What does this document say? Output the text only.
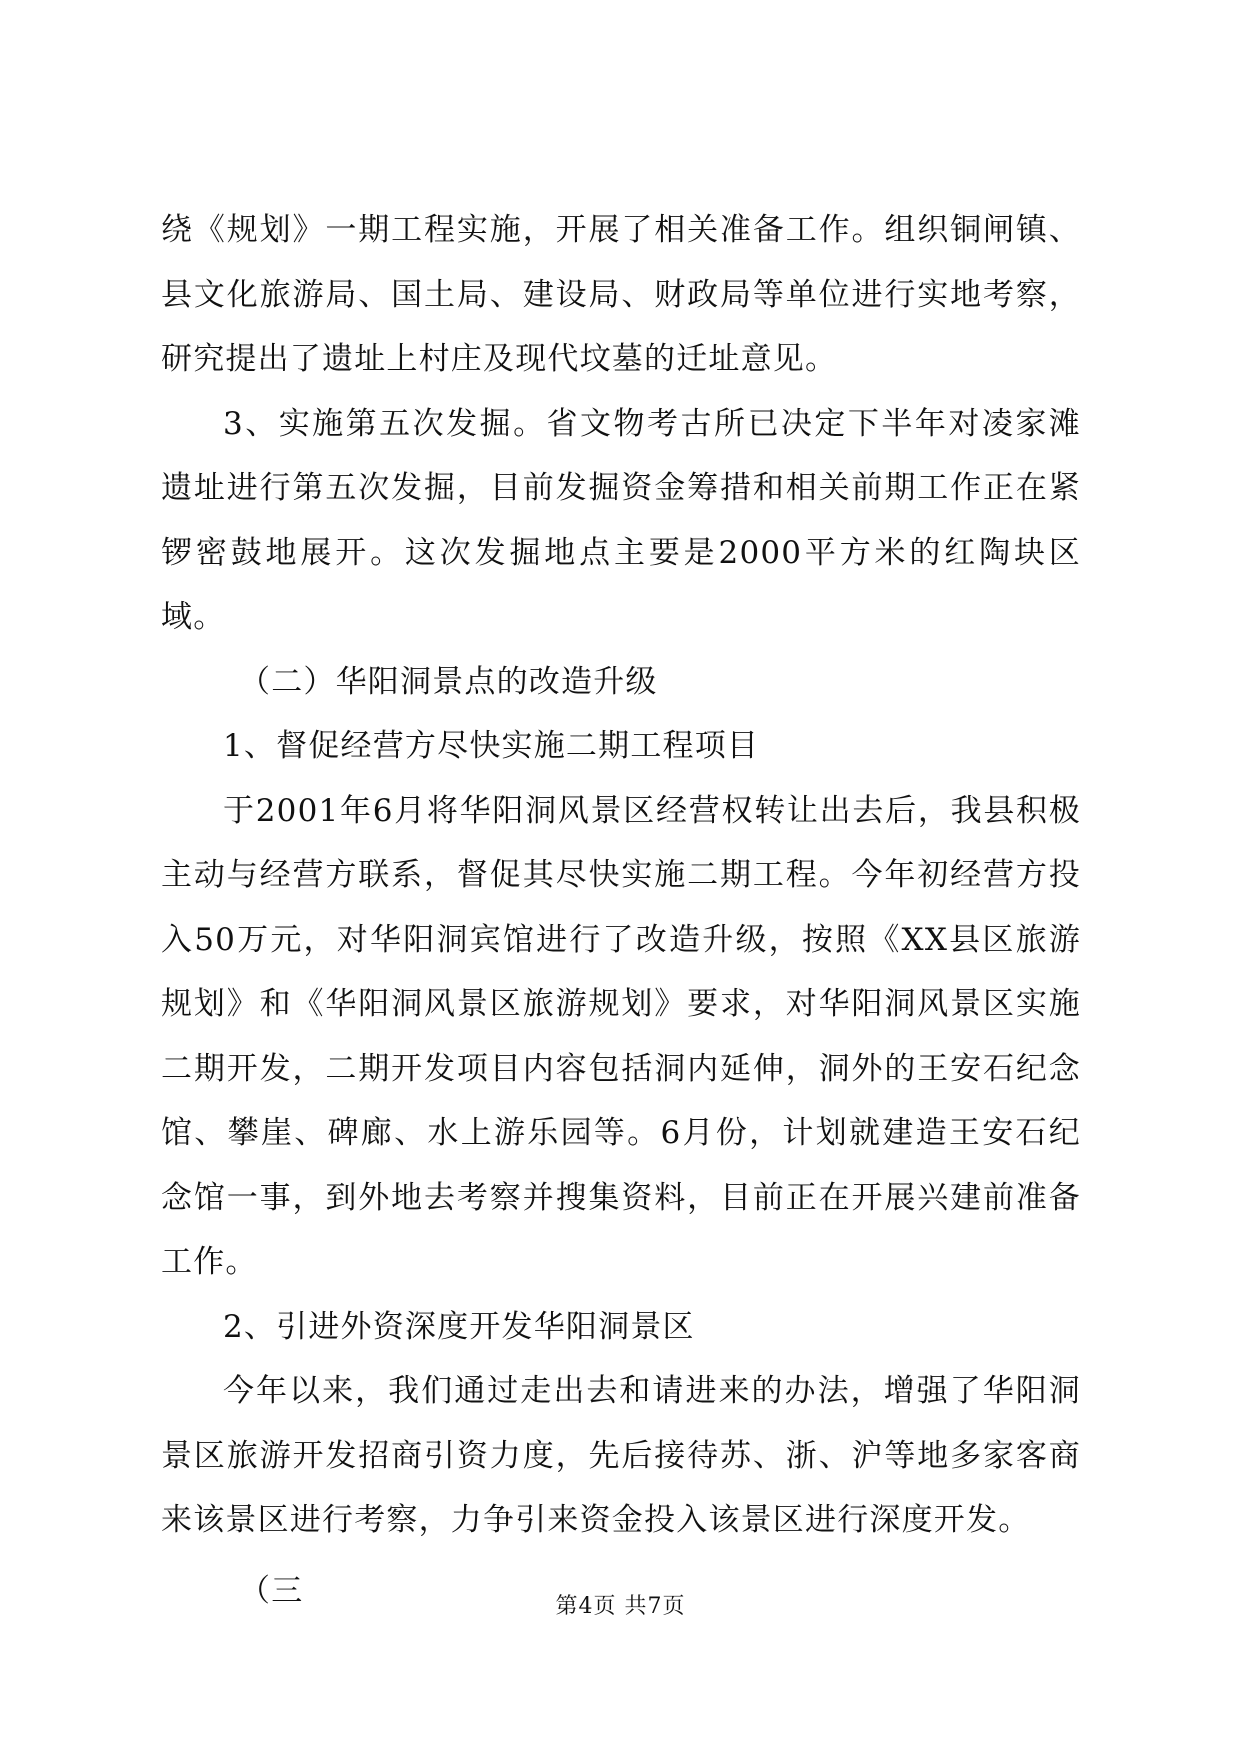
绕《规划》一期工程实施，开展了相关准备工作。组织铜闸镇、县文化旅游局、国土局、建设局、财政局等单位进行实地考察，研究提出了遗址上村庄及现代坟墓的迁址意见。

3、实施第五次发掘。省文物考古所已决定下半年对凌家滩遗址进行第五次发掘，目前发掘资金筹措和相关前期工作正在紧锣密鼓地展开。这次发掘地点主要是2000平方米的红陶块区域。

（二）华阳洞景点的改造升级

1、督促经营方尽快实施二期工程项目

于2001年6月将华阳洞风景区经营权转让出去后，我县积极主动与经营方联系，督促其尽快实施二期工程。今年初经营方投入50万元，对华阳洞宾馆进行了改造升级，按照《XX县区旅游规划》和《华阳洞风景区旅游规划》要求，对华阳洞风景区实施二期开发，二期开发项目内容包括洞内延伸，洞外的王安石纪念馆、攀崖、碑廊、水上游乐园等。6月份，计划就建造王安石纪念馆一事，到外地去考察并搜集资料，目前正在开展兴建前准备工作。

2、引进外资深度开发华阳洞景区

今年以来，我们通过走出去和请进来的办法，增强了华阳洞景区旅游开发招商引资力度，先后接待苏、浙、沪等地多家客商来该景区进行考察，力争引来资金投入该景区进行深度开发。

（三	第4页 共7页
